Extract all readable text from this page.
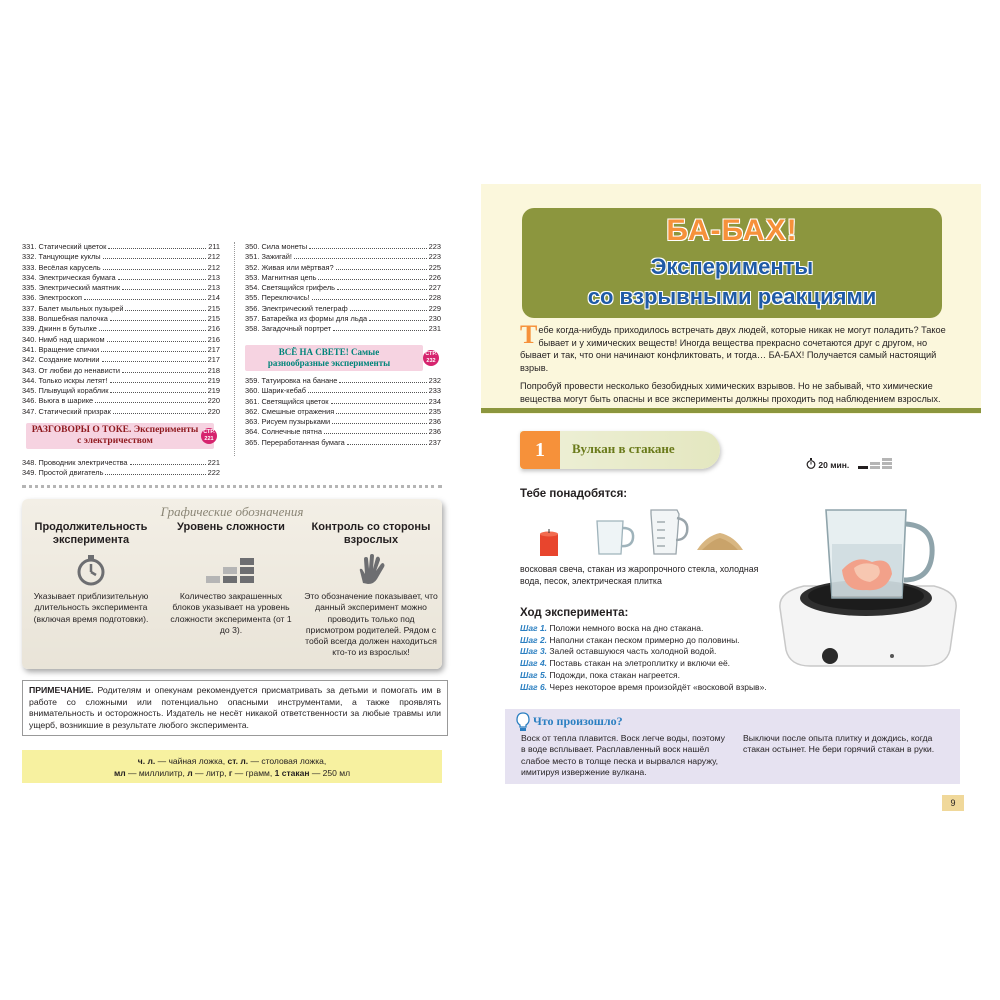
331. Статический цветок	211
332. Танцующие куклы	212
333. Весёлая карусель	212
334. Электрическая бумага	213
335. Электрический маятник	213
336. Электроскоп	214
337. Балет мыльных пузырей	215
338. Волшебная палочка	215
339. Джинн в бутылке	216
340. Нимб над шариком	216
341. Вращение спички	217
342. Создание молнии	217
343. От любви до ненависти	218
344. Только искры летят!	219
345. Плывущий кораблик	219
346. Вьюга в шарике	220
347. Статический призрак	220
РАЗГОВОРЫ О ТОКЕ. Эксперименты с электричеством
СТР. 221
348. Проводник электричества	221
349. Простой двигатель	222
350. Сила монеты	223
351. Зажигай!	223
352. Живая или мёртвая?	225
353. Магнитная цепь	226
354. Светящийся грифель	227
355. Переключись!	228
356. Электрический телеграф	229
357. Батарейка из формы для льда	230
358. Загадочный портрет	231
ВСЁ НА СВЕТЕ! Самые разнообразные эксперименты
СТР. 232
359. Татуировка на банане	232
360. Шарик-кебаб	233
361. Светящийся цветок	234
362. Смешные отражения	235
363. Рисуем пузырьками	236
364. Солнечные пятна	236
365. Переработанная бумага	237
Графические обозначения
Продолжительность эксперимента
Указывает приблизительную длительность эксперимента (включая время подготовки).
Уровень сложности
Количество закрашенных блоков указывает на уровень сложности эксперимента (от 1 до 3).
Контроль со стороны взрослых
Это обозначение показывает, что данный эксперимент можно проводить только под присмотром родителей. Рядом с тобой всегда должен находиться кто-то из взрослых!
ПРИМЕЧАНИЕ. Родителям и опекунам рекомендуется присматривать за детьми и помогать им в работе со сложными или потенциально опасными инструментами, а также проявлять внимательность и осторожность. Издатель не несёт никакой ответственности за любые травмы или ущерб, возникшие в результате любого эксперимента.
ч. л. — чайная ложка, ст. л. — столовая ложка,
мл — миллилитр, л — литр, г — грамм, 1 стакан — 250 мл
БА-БАХ!
Эксперименты
со взрывными реакциями

Тебе когда-нибудь приходилось встречать двух людей, которые никак не могут поладить? Такое бывает и у химических веществ! Иногда вещества прекрасно сочетаются друг с другом, но бывает и так, что они начинают конфликтовать, и тогда… БА-БАХ! Получается самый настоящий взрыв.

Попробуй провести несколько безобидных химических взрывов. Но не забывай, что химические вещества могут быть опасны и все эксперименты должны проходить под наблюдением взрослых.

1	Вулкан в стакане
20 мин.
Тебе понадобятся:
восковая свеча, стакан из жаропрочного стекла, холодная вода, песок, электрическая плитка
Ход эксперимента:
Шаг 1. Положи немного воска на дно стакана.
Шаг 2. Наполни стакан песком примерно до половины.
Шаг 3. Залей оставшуюся часть холодной водой.
Шаг 4. Поставь стакан на элетроплитку и включи её.
Шаг 5. Подожди, пока стакан нагреется.
Шаг 6. Через некоторое время произойдёт «восковой взрыв».
Что произошло?
Воск от тепла плавится. Воск легче воды, поэтому в воде всплывает. Расплавленный воск нашёл слабое место в толще песка и вырвался наружу, имитируя извержение вулкана.
Выключи после опыта плитку и дождись, когда стакан остынет. Не бери горячий стакан в руки.
9
